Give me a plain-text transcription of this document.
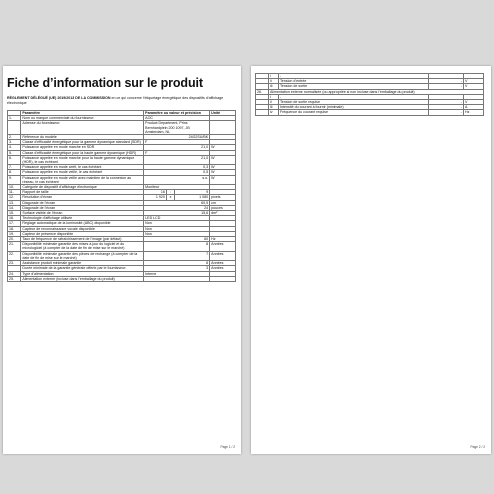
Fiche d’information sur le produit
RÈGLEMENT DÉLÉGUÉ (UE) 2019/2013 DE LA COMMISSION en ce qui concerne l’étiquetage énergétique des dispositifs d’affichage électronique
	Paramètre	Paramètre ou valeur et précision			Unité
1.	Nom ou marque commerciale du fournisseur:	AOC			
	Adresse du fournisseur:	Product Department, Prins Bernhardplein 200 1097, JB Amsterdam, NL			
2.	Référence du modèle	24G2SU/BK			
3.	Classe d’efficacité énergétique pour la gamme dynamique standard (SDR)	F			
4.	Puissance appelée en mode marche en SDR	21,0			W
5.	Classe d’efficacité énergétique pour la haute gamme dynamique (HDR)	F			
6.	Puissance appelée en mode marche pour la haute gamme dynamique (HDR), le cas échéant	21,0			W
7.	Puissance appelée en mode arrêt, le cas échéant	0,3			W
8.	Puissance appelée en mode veille, le cas échéant	0,5			W
9.	Puissance appelée en mode veille avec maintien de la connexion au réseau, le cas échéant	s.o.			W
10.	Catégorie de dispositif d’affichage électronique	Moniteur			
11.	Rapport de taille	16	:	9	
12.	Résolution d’écran	1 920	x	1 080	pixels
13.	Diagonale de l’écran	60,5			cm
14.	Diagonale de l’écran	24			pouces
15.	Surface visible de l’écran	15,6			dm²
16.	Technologie d’affichage utilisée	LED LCD			
17.	Réglage automatique de la luminosité (ABC) disponible	Non			
18.	Capteur de reconnaissance vocale disponible	Non			
19.	Capteur de présence disponible	Non			
20.	Taux de fréquence de rafraîchissement de l’image (par défaut)	60			Hz
21.	Disponibilité minimale garantie des mises à jour du logiciel et du micrologiciel (à compter de la date de fin de mise sur le marché)	8			Années
22.	Disponibilité minimale garantie des pièces de rechange (à compter de la date de fin de mise sur le marché)	7			Années
23.	Assistance produit minimale garantie	8			Années
	Durée minimale de la garantie générale offerte par le fournisseur:	3			Années
24.	Type d’alimentation:	Interne			
25.	Alimentation externe (incluse dans l’emballage du produit)				
Page 1 / 2
	i	-		
	ii	Tension d’entrée	-	V
	iii	Tension de sortie	-	V
26.	Alimentation externe normalisée (ou appropriée si non incluse dans l’emballage du produit)			
	i	-		
	ii	Tension de sortie requise	-	V
	iii	Intensité du courant à fournir (minimale)	-	A
	iv	Fréquence du courant requise	-	Hz
Page 2 / 2
